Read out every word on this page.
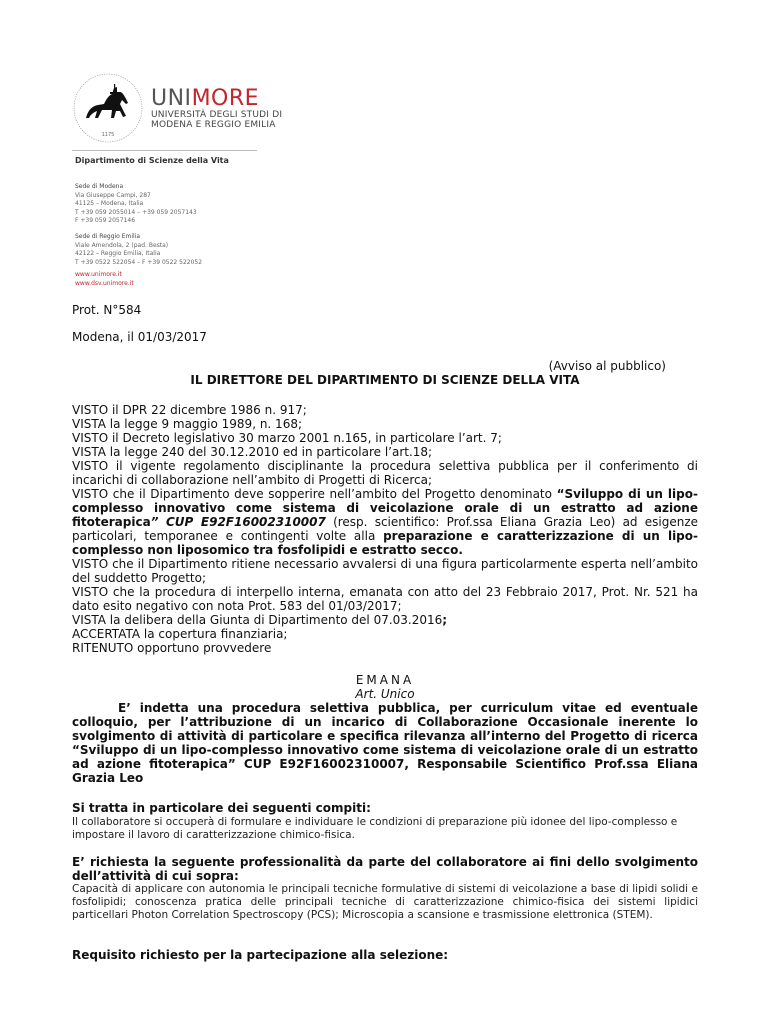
1175
UNIMORE
UNIVERSITÀ DEGLI STUDI DI
MODENA E REGGIO EMILIA
Dipartimento di Scienze della Vita
Sede di Modena
Via Giuseppe Campi, 287
41125 – Modena, Italia
T +39 059 2055014 – +39 059 2057143
F +39 059 2057146
Sede di Reggio Emilia
Viale Amendola, 2 (pad. Besta)
42122 – Reggio Emilia, Italia
T +39 0522 522054 – F +39 0522 522052
www.unimore.it
www.dsv.unimore.it
Prot. N°584
Modena, il 01/03/2017
(Avviso al pubblico)
IL DIRETTORE DEL DIPARTIMENTO DI SCIENZE DELLA VITA
VISTO il DPR 22 dicembre 1986 n. 917;
VISTA la legge 9 maggio 1989, n. 168;
VISTO il Decreto legislativo 30 marzo 2001 n.165, in particolare l’art. 7;
VISTA la legge 240 del 30.12.2010 ed in particolare l’art.18;
VISTO il vigente regolamento disciplinante la procedura selettiva pubblica per il conferimento di incarichi di collaborazione nell’ambito di Progetti di Ricerca;
VISTO che il Dipartimento deve sopperire nell’ambito del Progetto denominato “Sviluppo di un lipo-complesso innovativo come sistema di veicolazione orale di un estratto ad azione fitoterapica” CUP E92F16002310007 (resp. scientifico: Prof.ssa Eliana Grazia Leo) ad esigenze particolari, temporanee e contingenti volte alla preparazione e caratterizzazione di un lipo-complesso non liposomico tra fosfolipidi e estratto secco.
VISTO che il Dipartimento ritiene necessario avvalersi di una figura particolarmente esperta nell’ambito del suddetto Progetto;
VISTO che la procedura di interpello interna, emanata con atto del 23 Febbraio 2017, Prot. Nr. 521 ha dato esito negativo con nota Prot. 583 del 01/03/2017;
VISTA la delibera della Giunta di Dipartimento del 07.03.2016;
ACCERTATA la copertura finanziaria;
RITENUTO opportuno provvedere
EMANA
Art. Unico
E’ indetta una procedura selettiva pubblica, per curriculum vitae ed eventuale colloquio, per l’attribuzione di un incarico di Collaborazione Occasionale inerente lo svolgimento di attività di particolare e specifica rilevanza all’interno del Progetto di ricerca “Sviluppo di un lipo-complesso innovativo come sistema di veicolazione orale di un estratto ad azione fitoterapica” CUP E92F16002310007, Responsabile Scientifico Prof.ssa Eliana Grazia Leo
Si tratta in particolare dei seguenti compiti:
Il collaboratore si occuperà di formulare e individuare le condizioni di preparazione più idonee del lipo-complesso e impostare il lavoro di caratterizzazione chimico-fisica.
E’ richiesta la seguente professionalità da parte del collaboratore ai fini dello svolgimento dell’attività di cui sopra:
Capacità di applicare con autonomia le principali tecniche formulative di sistemi di veicolazione a base di lipidi solidi e fosfolipidi; conoscenza pratica delle principali tecniche di caratterizzazione chimico-fisica dei sistemi lipidici particellari Photon Correlation Spectroscopy (PCS); Microscopia a scansione e trasmissione elettronica (STEM).
Requisito richiesto per la partecipazione alla selezione:
